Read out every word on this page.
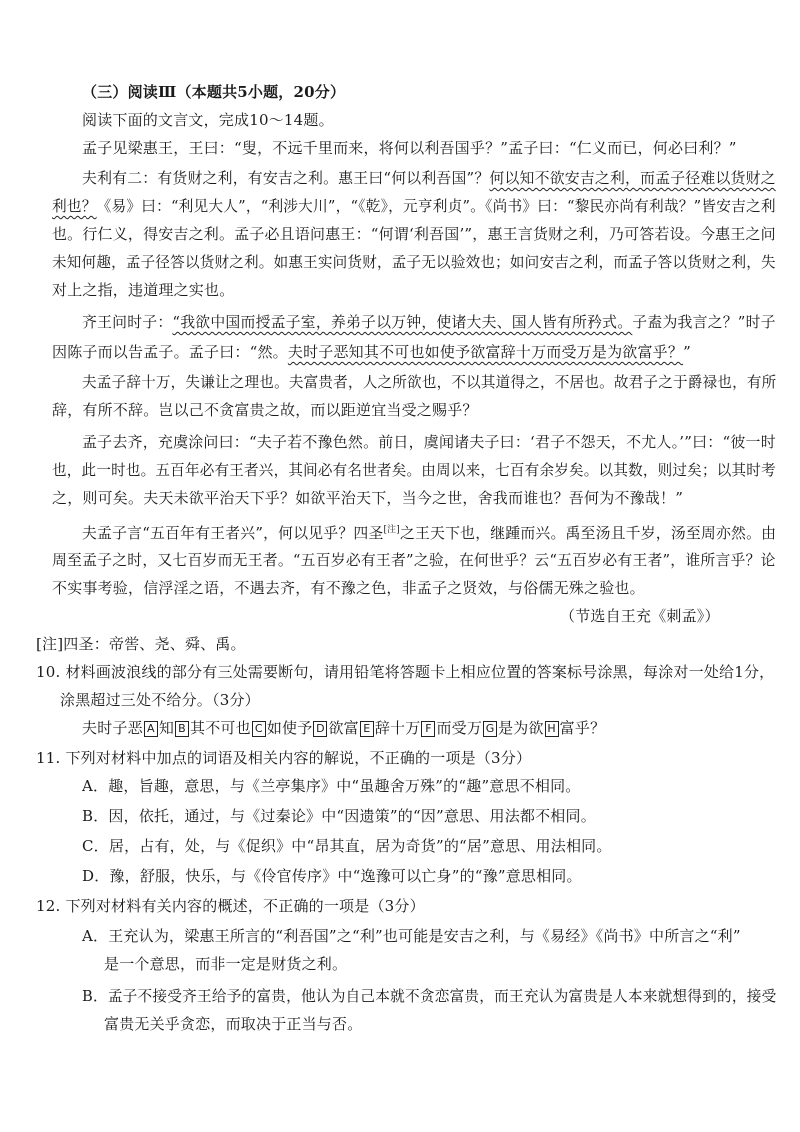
（三）阅读Ⅲ（本题共5小题，20分）
阅读下面的文言文，完成10～14题。
孟子见梁惠王，王曰：“叟，不远千里而来，将何以利吾国乎？”孟子曰：“仁义而已，何必曰利？”
夫利有二：有货财之利，有安吉之利。惠王曰“何以利吾国”？何以知不欲安吉之利，而孟子径难以货财之
利也？《易》曰：“利见大人”，“利涉大川”，“《乾》，元亨利贞”。《尚书》曰：“黎民亦尚有利哉？”皆安吉之利
也。行仁义，得安吉之利。孟子必且语问惠王：“何谓‘利吾国’”，惠王言货财之利，乃可答若设。今惠王之问
未知何趣，孟子径答以货财之利。如惠王实问货财，孟子无以验效也；如问安吉之利，而孟子答以货财之利，失
对上之指，违道理之实也。
齐王问时子：“我欲中国而授孟子室，养弟子以万钟，使诸大夫、国人皆有所矜式。子盍为我言之？”时子
因陈子而以告孟子。孟子曰：“然。夫时子恶知其不可也如使予欲富辞十万而受万是为欲富乎？”
夫孟子辞十万，失谦让之理也。夫富贵者，人之所欲也，不以其道得之，不居也。故君子之于爵禄也，有所
辞，有所不辞。岂以己不贪富贵之故，而以距逆宜当受之赐乎？
孟子去齐，充虞涂问曰：“夫子若不豫色然。前日，虞闻诸夫子曰：‘君子不怨天，不尤人。’”曰：“彼一时
也，此一时也。五百年必有王者兴，其间必有名世者矣。由周以来，七百有余岁矣。以其数，则过矣；以其时考
之，则可矣。夫天未欲平治天下乎？如欲平治天下，当今之世，舍我而谁也？吾何为不豫哉！”
夫孟子言“五百年有王者兴”，何以见乎？四圣[注]之王天下也，继踵而兴。禹至汤且千岁，汤至周亦然。由
周至孟子之时，又七百岁而无王者。“五百岁必有王者”之验，在何世乎？云“五百岁必有王者”，谁所言乎？论
不实事考验，信浮淫之语，不遇去齐，有不豫之色，非孟子之贤效，与俗儒无殊之验也。
（节选自王充《刺孟》）
[注]四圣：帝喾、尧、舜、禹。
10. 材料画波浪线的部分有三处需要断句，请用铅笔将答题卡上相应位置的答案标号涂黑，每涂对一处给1分，
涂黑超过三处不给分。（3分）
夫时子恶 A 知 B 其不可也 C 如使予 D 欲富 E 辞十万 F 而受万 G 是为欲 H 富乎？
11. 下列对材料中加点的词语及相关内容的解说，不正确的一项是（3分）
A．趣，旨趣，意思，与《兰亭集序》中“虽趣舍万殊”的“趣”意思不相同。
B．因，依托，通过，与《过秦论》中“因遗策”的“因”意思、用法都不相同。
C．居，占有，处，与《促织》中“昂其直，居为奇货”的“居”意思、用法相同。
D．豫，舒服，快乐，与《伶官传序》中“逸豫可以亡身”的“豫”意思相同。
12. 下列对材料有关内容的概述，不正确的一项是（3分）
A．王充认为，梁惠王所言的“利吾国”之“利”也可能是安吉之利，与《易经》《尚书》中所言之“利”
是一个意思，而非一定是财货之利。
B．孟子不接受齐王给予的富贵，他认为自己本就不贪恋富贵，而王充认为富贵是人本来就想得到的，接受
富贵无关乎贪恋，而取决于正当与否。
